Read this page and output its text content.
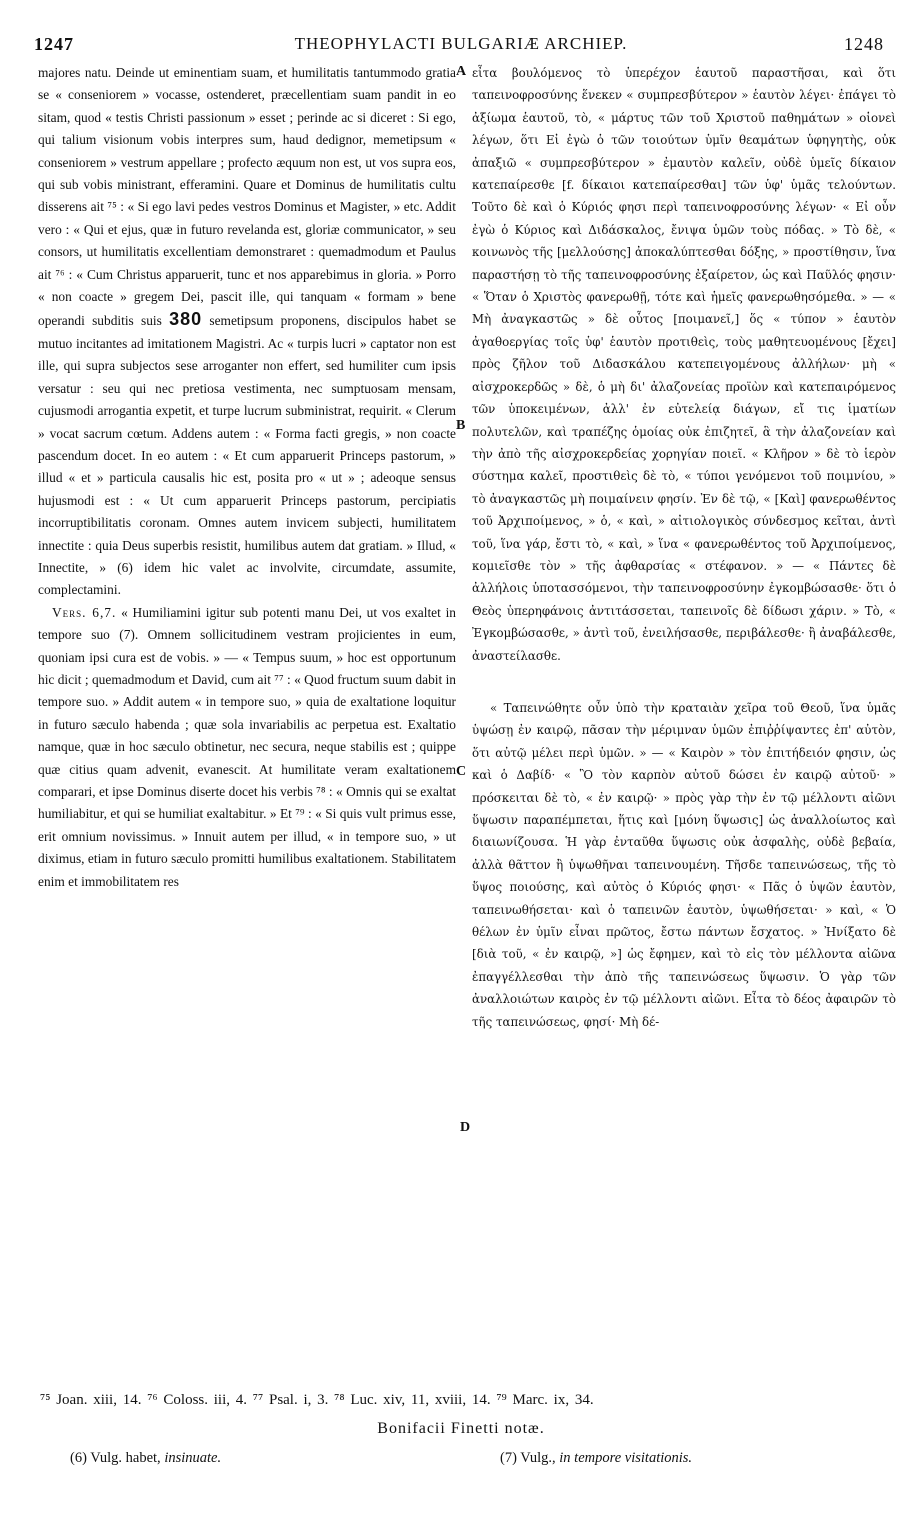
1247	THEOPHYLACTI BULGARIÆ ARCHIEP.	1248

majores natu. Deinde ut eminentiam suam, et humilitatis tantummodo gratia se « conseniorem » vocasse, ostenderet, præcellentiam suam pandit in eo sitam, quod « testis Christi passionum » esset ; perinde ac si diceret : Si ego, qui talium visionum vobis interpres sum, haud dedignor, memetipsum « conseniorem » vestrum appellare ; profecto æquum non est, ut vos supra eos, qui sub vobis ministrant, efferamini. Quare et Dominus de humilitatis cultu disserens ait ⁷⁵ : « Si ego lavi pedes vestros Dominus et Magister, » etc. Addit vero : « Qui et ejus, quæ in futuro revelanda est, gloriæ communicator, » seu consors, ut humilitatis excellentiam demonstraret : quemadmodum et Paulus ait ⁷⁶ : « Cum Christus apparuerit, tunc et nos apparebimus in gloria. » Porro « non coacte » gregem Dei, pascit ille, qui tanquam « formam » bene operandi subditis suis 380 semetipsum proponens, discipulos habet se mutuo incitantes ad imitationem Magistri. Ac « turpis lucri » captator non est ille, qui supra subjectos sese arroganter non effert, sed humiliter cum ipsis versatur : seu qui nec pretiosa vestimenta, nec sumptuosam mensam, cujusmodi arrogantia expetit, et turpe lucrum subministrat, requirit. « Clerum » vocat sacrum cœtum. Addens autem : « Forma facti gregis, » non coacte pascendum docet. In eo autem : « Et cum apparuerit Princeps pastorum, » illud « et » particula causalis hic est, posita pro « ut » ; adeoque sensus hujusmodi est : « Ut cum apparuerit Princeps pastorum, percipiatis incorruptibilitatis coronam. Omnes autem invicem subjecti, humilitatem innectite : quia Deus superbis resistit, humilibus autem dat gratiam. » Illud, « Innectite, » (6) idem hic valet ac involvite, circumdate, assumite, complectamini.

Vers. 6,7. « Humiliamini igitur sub potenti manu Dei, ut vos exaltet in tempore suo (7). Omnem sollicitudinem vestram projicientes in eum, quoniam ipsi cura est de vobis. » — « Tempus suum, » hoc est opportunum hic dicit ; quemadmodum et David, cum ait ⁷⁷ : « Quod fructum suum dabit in tempore suo. » Addit autem « in tempore suo, » quia de exaltatione loquitur in futuro sæculo habenda ; quæ sola invariabilis ac perpetua est. Exaltatio namque, quæ in hoc sæculo obtinetur, nec secura, neque stabilis est ; quippe quæ citius quam advenit, evanescit. At humilitate veram exaltationem comparari, et ipse Dominus diserte docet his verbis ⁷⁸ : « Omnis qui se exaltat humiliabitur, et qui se humiliat exaltabitur. » Et ⁷⁹ : « Si quis vult primus esse, erit omnium novissimus. » Innuit autem per illud, « in tempore suo, » ut diximus, etiam in futuro sæculo promitti humilibus exaltationem. Stabilitatem enim et immobilitatem res

A
B
C
D

εἶτα βουλόμενος τὸ ὑπερέχον ἑαυτοῦ παραστῆσαι, καὶ ὅτι ταπεινοφροσύνης ἕνεκεν « συμπρεσβύτερον » ἑαυτὸν λέγει· ἐπάγει τὸ ἀξίωμα ἑαυτοῦ, τὸ, « μάρτυς τῶν τοῦ Χριστοῦ παθημάτων » οἱονεὶ λέγων, ὅτι Εἰ ἐγὼ ὁ τῶν τοιούτων ὑμῖν θεαμάτων ὑφηγητὴς, οὐκ ἀπαξιῶ « συμπρεσβύτερον » ἐμαυτὸν καλεῖν, οὐδὲ ὑμεῖς δίκαιον κατεπαίρεσθε [f. δίκαιοι κατεπαίρεσθαι] τῶν ὑφ' ὑμᾶς τελούντων. Τοῦτο δὲ καὶ ὁ Κύριός φησι περὶ ταπεινοφροσύνης λέγων· « Εἰ οὖν ἐγὼ ὁ Κύριος καὶ Διδάσκαλος, ἔνιψα ὑμῶν τοὺς πόδας. » Τὸ δὲ, « κοινωνὸς τῆς [μελλούσης] ἀποκαλύπτεσθαι δόξης, » προστίθησιν, ἵνα παραστήσῃ τὸ τῆς ταπεινοφροσύνης ἐξαίρετον, ὡς καὶ Παῦλός φησιν· « Ὅταν ὁ Χριστὸς φανερωθῇ, τότε καὶ ἡμεῖς φανερωθησόμεθα. » — « Μὴ ἀναγκαστῶς » δὲ οὗτος [ποιμανεῖ,] ὅς « τύπον » ἑαυτὸν ἀγαθοεργίας τοῖς ὑφ' ἑαυτὸν προτιθεὶς, τοὺς μαθητευομένους [ἔχει] πρὸς ζῆλον τοῦ Διδασκάλου κατεπειγομένους ἀλλήλων· μὴ « αἰσχροκερδῶς » δὲ, ὁ μὴ δι' ἀλαζονείας προϊὼν καὶ κατεπαιρόμενος τῶν ὑποκειμένων, ἀλλ' ἐν εὐτελείᾳ διάγων, εἴ τις ἱματίων πολυτελῶν, καὶ τραπέζης ὁμοίας οὐκ ἐπιζητεῖ, ἃ τὴν ἀλαζονείαν καὶ τὴν ἀπὸ τῆς αἰσχροκερδείας χορηγίαν ποιεῖ. « Κλῆρον » δὲ τὸ ἱερὸν σύστημα καλεῖ, προστιθεὶς δὲ τὸ, « τύποι γενόμενοι τοῦ ποιμνίου, » τὸ ἀναγκαστῶς μὴ ποιμαίνειν φησίν. Ἐν δὲ τῷ, « [Καὶ] φανερωθέντος τοῦ Ἀρχιποίμενος, » ὁ, « καὶ, » αἰτιολογικὸς σύνδεσμος κεῖται, ἀντὶ τοῦ, ἵνα γάρ, ἔστι τὸ, « καὶ, » ἵνα « φανερωθέντος τοῦ Ἀρχιποίμενος, κομιεῖσθε τὸν » τῆς ἀφθαρσίας « στέφανον. » — « Πάντες δὲ ἀλλήλοις ὑποτασσόμενοι, τὴν ταπεινοφροσύνην ἐγκομβώσασθε· ὅτι ὁ Θεὸς ὑπερηφάνοις ἀντιτάσσεται, ταπεινοῖς δὲ δίδωσι χάριν. » Τὸ, « Ἐγκομβώσασθε, » ἀντὶ τοῦ, ἐνειλήσασθε, περιβάλεσθε· ἢ ἀναβάλεσθε, ἀναστείλασθε.

« Ταπεινώθητε οὖν ὑπὸ τὴν κραταιὰν χεῖρα τοῦ Θεοῦ, ἵνα ὑμᾶς ὑψώσῃ ἐν καιρῷ, πᾶσαν τὴν μέριμναν ὑμῶν ἐπιῤῥίψαντες ἐπ' αὐτὸν, ὅτι αὐτῷ μέλει περὶ ὑμῶν. » — « Καιρὸν » τὸν ἐπιτήδειόν φησιν, ὡς καὶ ὁ Δαβίδ· « Ὃ τὸν καρπὸν αὐτοῦ δώσει ἐν καιρῷ αὐτοῦ· » πρόσκειται δὲ τὸ, « ἐν καιρῷ· » πρὸς γὰρ τὴν ἐν τῷ μέλλοντι αἰῶνι ὕψωσιν παραπέμπεται, ἥτις καὶ [μόνη ὕψωσις] ὡς ἀναλλοίωτος καὶ διαιωνίζουσα. Ἡ γὰρ ἐνταῦθα ὕψωσις οὐκ ἀσφαλὴς, οὐδὲ βεβαία, ἀλλὰ θᾶττον ἢ ὑψωθῆναι ταπεινουμένη. Τῆσδε ταπεινώσεως, τῆς τὸ ὕψος ποιούσης, καὶ αὐτὸς ὁ Κύριός φησι· « Πᾶς ὁ ὑψῶν ἑαυτὸν, ταπεινωθήσεται· καὶ ὁ ταπεινῶν ἑαυτὸν, ὑψωθήσεται· » καὶ, « Ὁ θέλων ἐν ὑμῖν εἶναι πρῶτος, ἔστω πάντων ἔσχατος. » Ἠνίξατο δὲ [διὰ τοῦ, « ἐν καιρῷ, »] ὡς ἔφημεν, καὶ τὸ εἰς τὸν μέλλοντα αἰῶνα ἐπαγγέλλεσθαι τὴν ἀπὸ τῆς ταπεινώσεως ὕψωσιν. Ὁ γὰρ τῶν ἀναλλοιώτων καιρὸς ἐν τῷ μέλλοντι αἰῶνι. Εἶτα τὸ δέος ἀφαιρῶν τὸ τῆς ταπεινώσεως, φησί· Μὴ δέ-

⁷⁵ Joan. xiii, 14. ⁷⁶ Coloss. iii, 4. ⁷⁷ Psal. i, 3. ⁷⁸ Luc. xiv, 11, xviii, 14. ⁷⁹ Marc. ix, 34.
Bonifacii Finetti notæ.
(6) Vulg. habet, insinuate.	(7) Vulg., in tempore visitationis.
